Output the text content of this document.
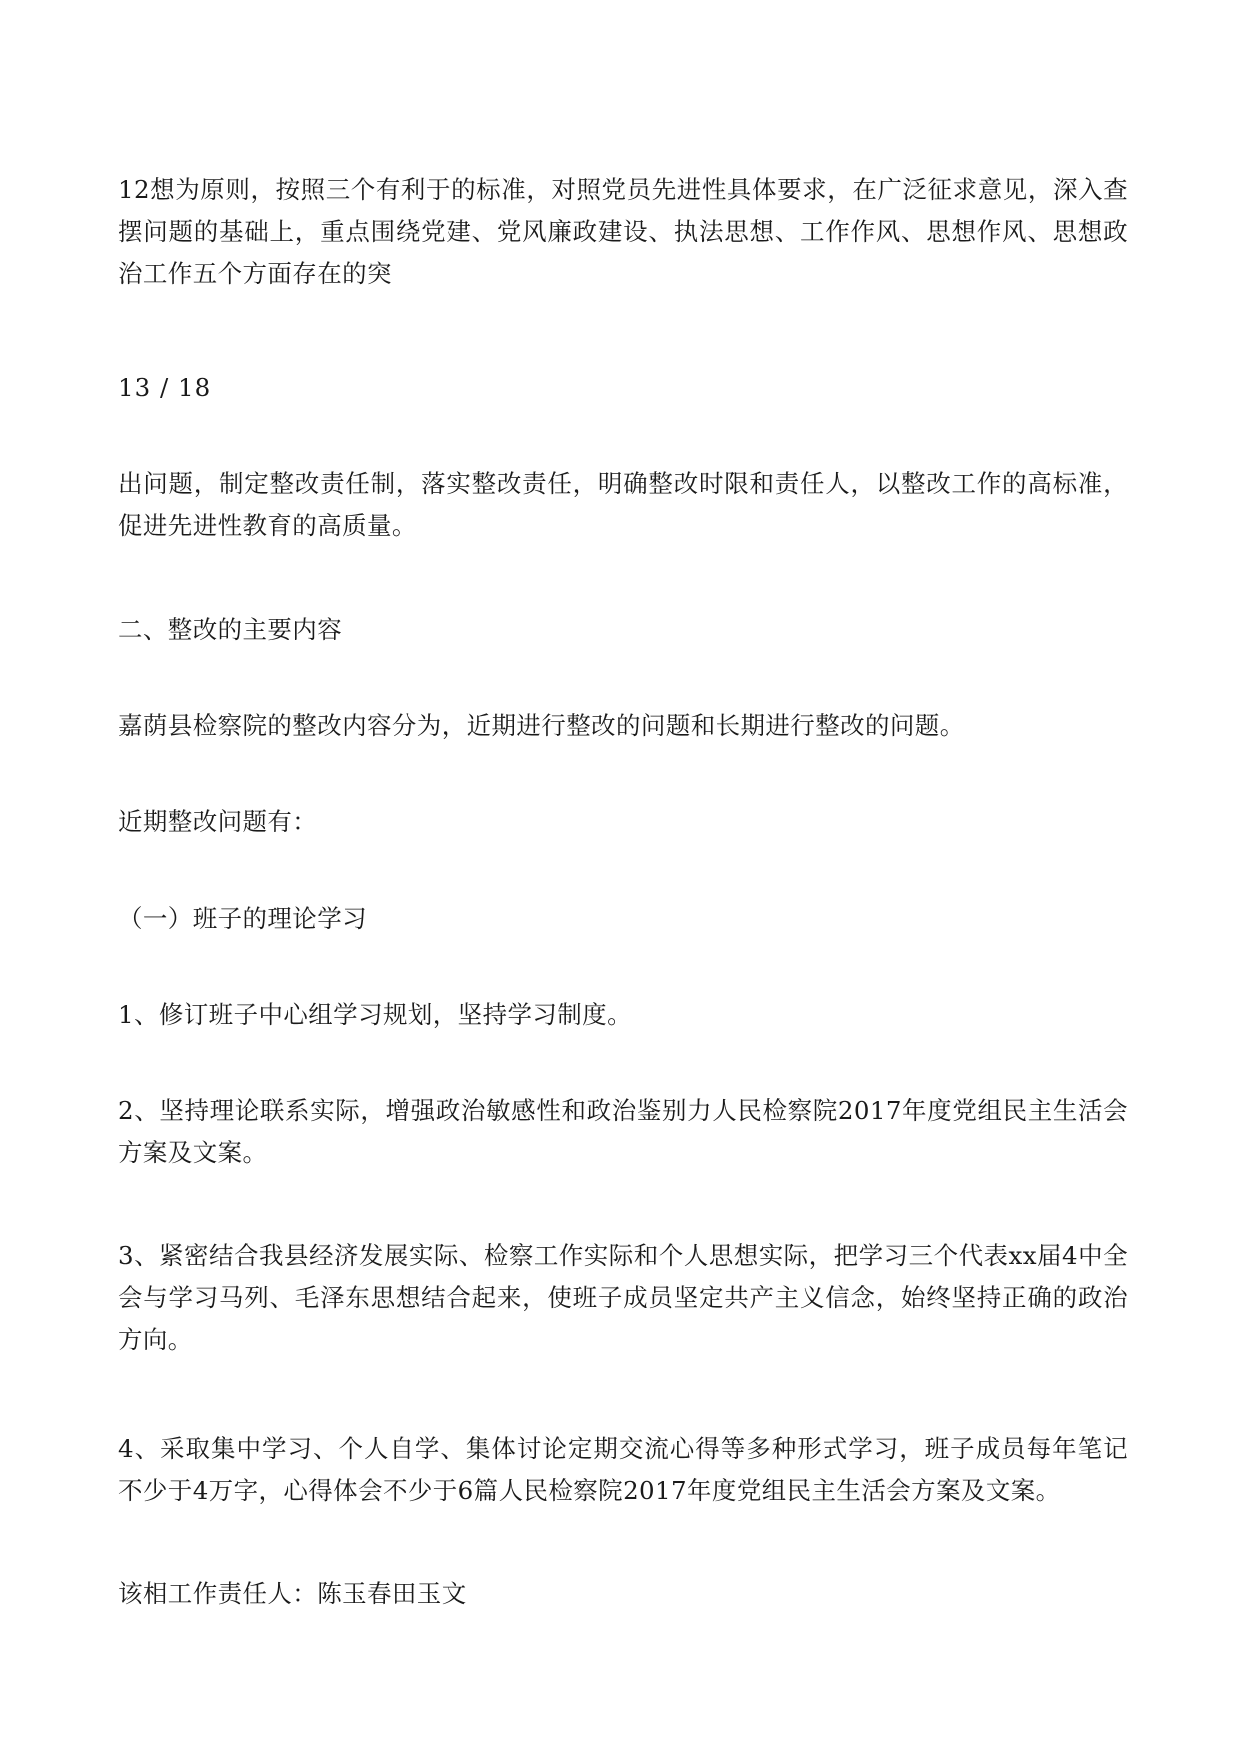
12想为原则，按照三个有利于的标准，对照党员先进性具体要求，在广泛征求意见，深入查摆问题的基础上，重点围绕党建、党风廉政建设、执法思想、工作作风、思想作风、思想政治工作五个方面存在的突

13 / 18

出问题，制定整改责任制，落实整改责任，明确整改时限和责任人，以整改工作的高标准，促进先进性教育的高质量。

二、整改的主要内容

嘉荫县检察院的整改内容分为，近期进行整改的问题和长期进行整改的问题。

近期整改问题有：

（一）班子的理论学习

1、修订班子中心组学习规划，坚持学习制度。

2、坚持理论联系实际，增强政治敏感性和政治鉴别力人民检察院2017年度党组民主生活会方案及文案。

3、紧密结合我县经济发展实际、检察工作实际和个人思想实际，把学习三个代表xx届4中全会与学习马列、毛泽东思想结合起来，使班子成员坚定共产主义信念，始终坚持正确的政治方向。

4、采取集中学习、个人自学、集体讨论定期交流心得等多种形式学习，班子成员每年笔记不少于4万字，心得体会不少于6篇人民检察院2017年度党组民主生活会方案及文案。

该相工作责任人：陈玉春田玉文
